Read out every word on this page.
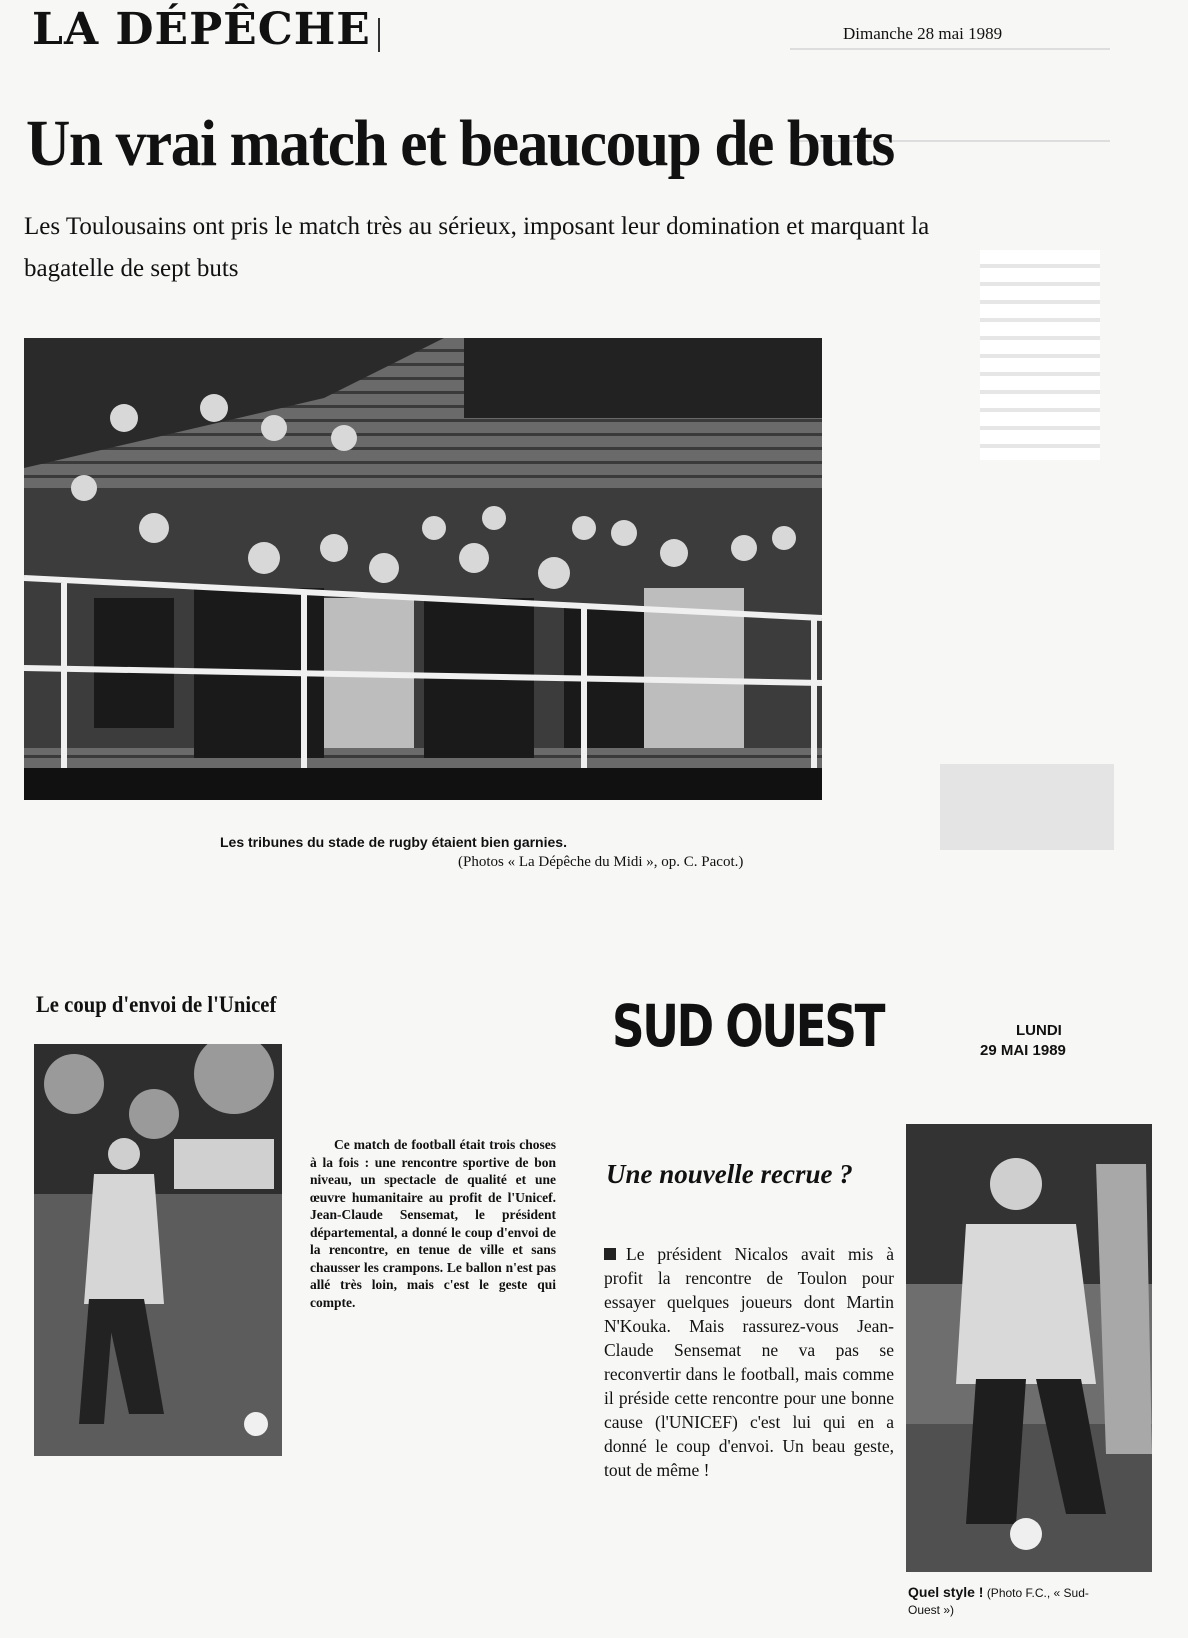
LA DÉPÊCHE	Dimanche 28 mai 1989
Un vrai match et beaucoup de buts
Les Toulousains ont pris le match très au sérieux, imposant leur domination et marquant la bagatelle de sept buts
Les tribunes du stade de rugby étaient bien garnies.
(Photos « La Dépêche du Midi », op. C. Pacot.)
Le coup d'envoi de l'Unicef
Ce match de football était trois choses à la fois : une rencontre sportive de bon niveau, un spectacle de qualité et une œuvre humanitaire au profit de l'Unicef. Jean-Claude Sensemat, le président départemental, a donné le coup d'envoi de la rencontre, en tenue de ville et sans chausser les crampons. Le ballon n'est pas allé très loin, mais c'est le geste qui compte.
SUD OUEST	LUNDI
29 MAI 1989
Une nouvelle recrue ?
Le président Nicalos avait mis à profit la rencontre de Toulon pour essayer quelques joueurs dont Martin N'Kouka. Mais rassurez-vous Jean-Claude Sensemat ne va pas se reconvertir dans le football, mais comme il préside cette rencontre pour une bonne cause (l'UNICEF) c'est lui qui en a donné le coup d'envoi. Un beau geste, tout de même !
Quel style ! (Photo F.C., « Sud-Ouest »)
